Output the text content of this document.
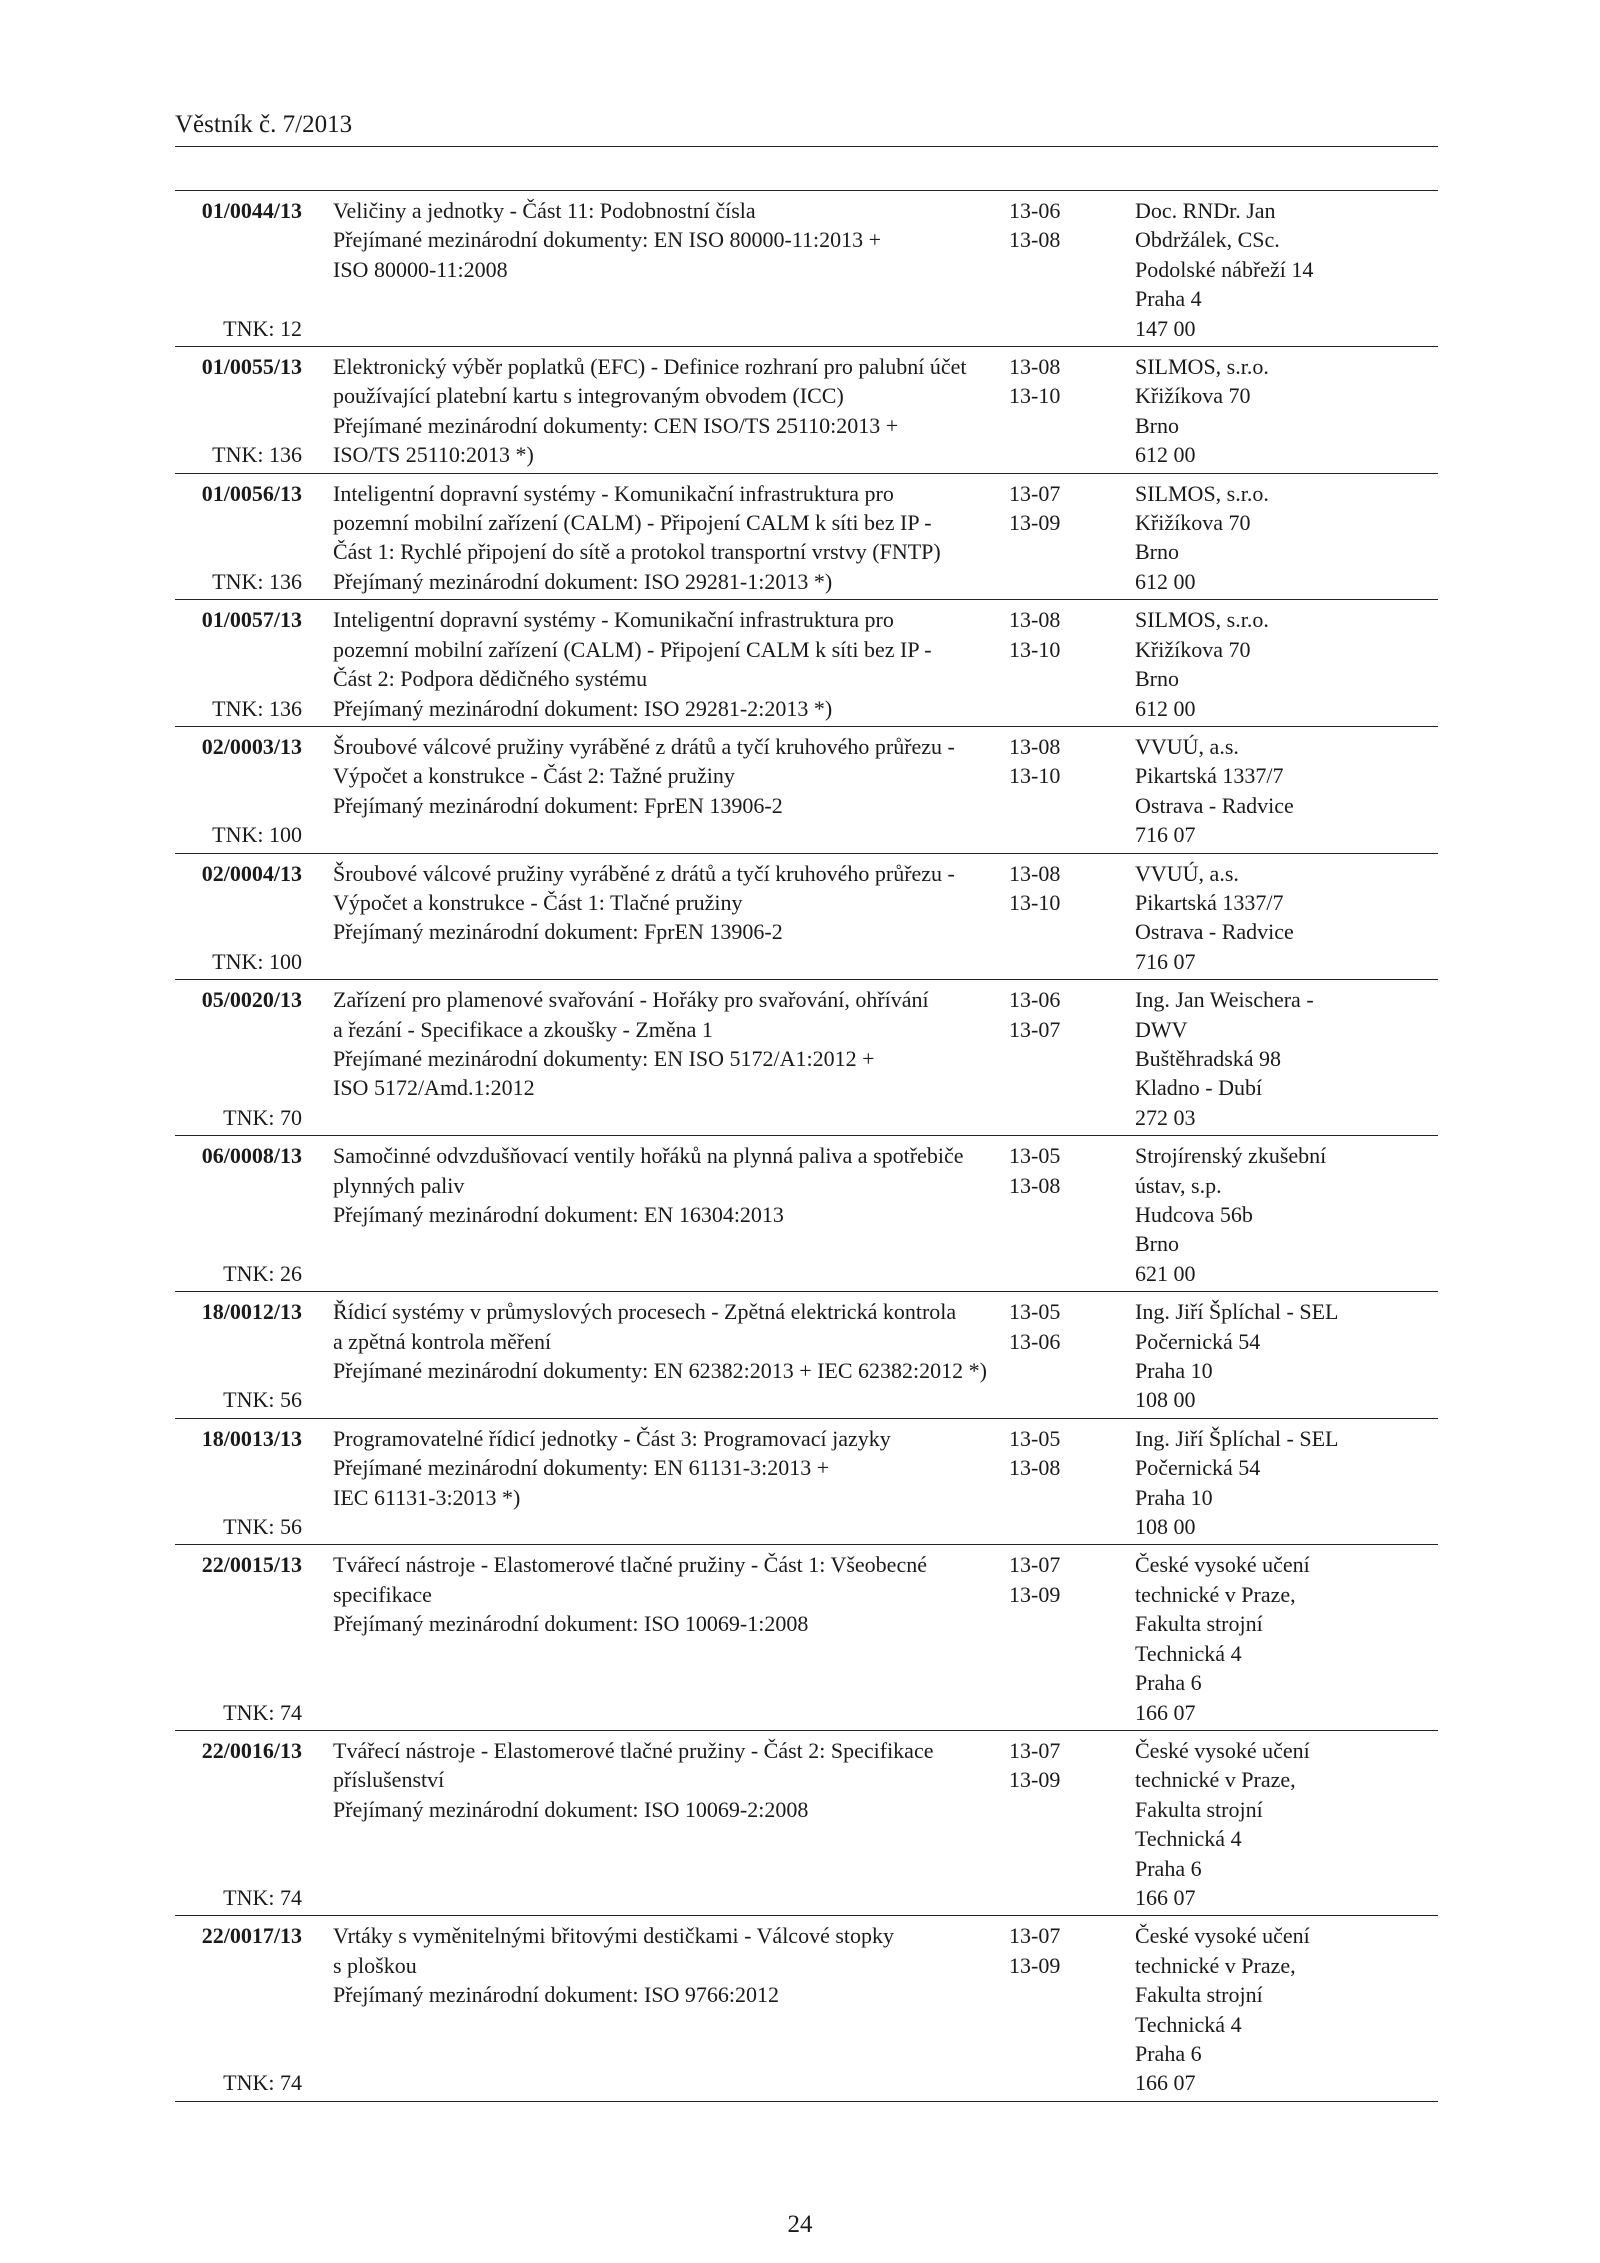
Věstník č. 7/2013
01/0044/13
TNK: 12
Veličiny a jednotky - Část 11: Podobnostní čísla
Přejímané mezinárodní dokumenty: EN ISO 80000-11:2013 +
ISO 80000-11:2008
13-06
13-08
Doc. RNDr. Jan
Obdržálek, CSc.
Podolské nábřeží 14
Praha 4
147 00
01/0055/13
TNK: 136
Elektronický výběr poplatků (EFC) - Definice rozhraní pro palubní účet
používající platební kartu s integrovaným obvodem (ICC)
Přejímané mezinárodní dokumenty: CEN ISO/TS 25110:2013 +
ISO/TS 25110:2013 *)
13-08
13-10
SILMOS, s.r.o.
Křižíkova 70
Brno
612 00
01/0056/13
TNK: 136
Inteligentní dopravní systémy - Komunikační infrastruktura pro
pozemní mobilní zařízení (CALM) - Připojení CALM k síti bez IP -
Část 1: Rychlé připojení do sítě a protokol transportní vrstvy (FNTP)
Přejímaný mezinárodní dokument: ISO 29281-1:2013 *)
13-07
13-09
SILMOS, s.r.o.
Křižíkova 70
Brno
612 00
01/0057/13
TNK: 136
Inteligentní dopravní systémy - Komunikační infrastruktura pro
pozemní mobilní zařízení (CALM) - Připojení CALM k síti bez IP -
Část 2: Podpora dědičného systému
Přejímaný mezinárodní dokument: ISO 29281-2:2013 *)
13-08
13-10
SILMOS, s.r.o.
Křižíkova 70
Brno
612 00
02/0003/13
TNK: 100
Šroubové válcové pružiny vyráběné z drátů a tyčí kruhového průřezu -
Výpočet a konstrukce - Část 2: Tažné pružiny
Přejímaný mezinárodní dokument: FprEN 13906-2
13-08
13-10
VVUÚ, a.s.
Pikartská 1337/7
Ostrava - Radvice
716 07
02/0004/13
TNK: 100
Šroubové válcové pružiny vyráběné z drátů a tyčí kruhového průřezu -
Výpočet a konstrukce - Část 1: Tlačné pružiny
Přejímaný mezinárodní dokument: FprEN 13906-2
13-08
13-10
VVUÚ, a.s.
Pikartská 1337/7
Ostrava - Radvice
716 07
05/0020/13
TNK: 70
Zařízení pro plamenové svařování - Hořáky pro svařování, ohřívání
a řezání - Specifikace a zkoušky - Změna 1
Přejímané mezinárodní dokumenty: EN ISO 5172/A1:2012 +
ISO 5172/Amd.1:2012
13-06
13-07
Ing. Jan Weischera -
DWV
Buštěhradská 98
Kladno - Dubí
272 03
06/0008/13
TNK: 26
Samočinné odvzdušňovací ventily hořáků na plynná paliva a spotřebiče
plynných paliv
Přejímaný mezinárodní dokument: EN 16304:2013
13-05
13-08
Strojírenský zkušební
ústav, s.p.
Hudcova 56b
Brno
621 00
18/0012/13
TNK: 56
Řídicí systémy v průmyslových procesech - Zpětná elektrická kontrola
a zpětná kontrola měření
Přejímané mezinárodní dokumenty: EN 62382:2013 + IEC 62382:2012 *)
13-05
13-06
Ing. Jiří Šplíchal - SEL
Počernická 54
Praha 10
108 00
18/0013/13
TNK: 56
Programovatelné řídicí jednotky - Část 3: Programovací jazyky
Přejímané mezinárodní dokumenty: EN 61131-3:2013 +
IEC 61131-3:2013 *)
13-05
13-08
Ing. Jiří Šplíchal - SEL
Počernická 54
Praha 10
108 00
22/0015/13
TNK: 74
Tvářecí nástroje - Elastomerové tlačné pružiny - Část 1: Všeobecné
specifikace
Přejímaný mezinárodní dokument: ISO 10069-1:2008
13-07
13-09
České vysoké učení
technické v Praze,
Fakulta strojní
Technická 4
Praha 6
166 07
22/0016/13
TNK: 74
Tvářecí nástroje - Elastomerové tlačné pružiny - Část 2: Specifikace
příslušenství
Přejímaný mezinárodní dokument: ISO 10069-2:2008
13-07
13-09
České vysoké učení
technické v Praze,
Fakulta strojní
Technická 4
Praha 6
166 07
22/0017/13
TNK: 74
Vrtáky s vyměnitelnými břitovými destičkami - Válcové stopky
s ploškou
Přejímaný mezinárodní dokument: ISO 9766:2012
13-07
13-09
České vysoké učení
technické v Praze,
Fakulta strojní
Technická 4
Praha 6
166 07
24
